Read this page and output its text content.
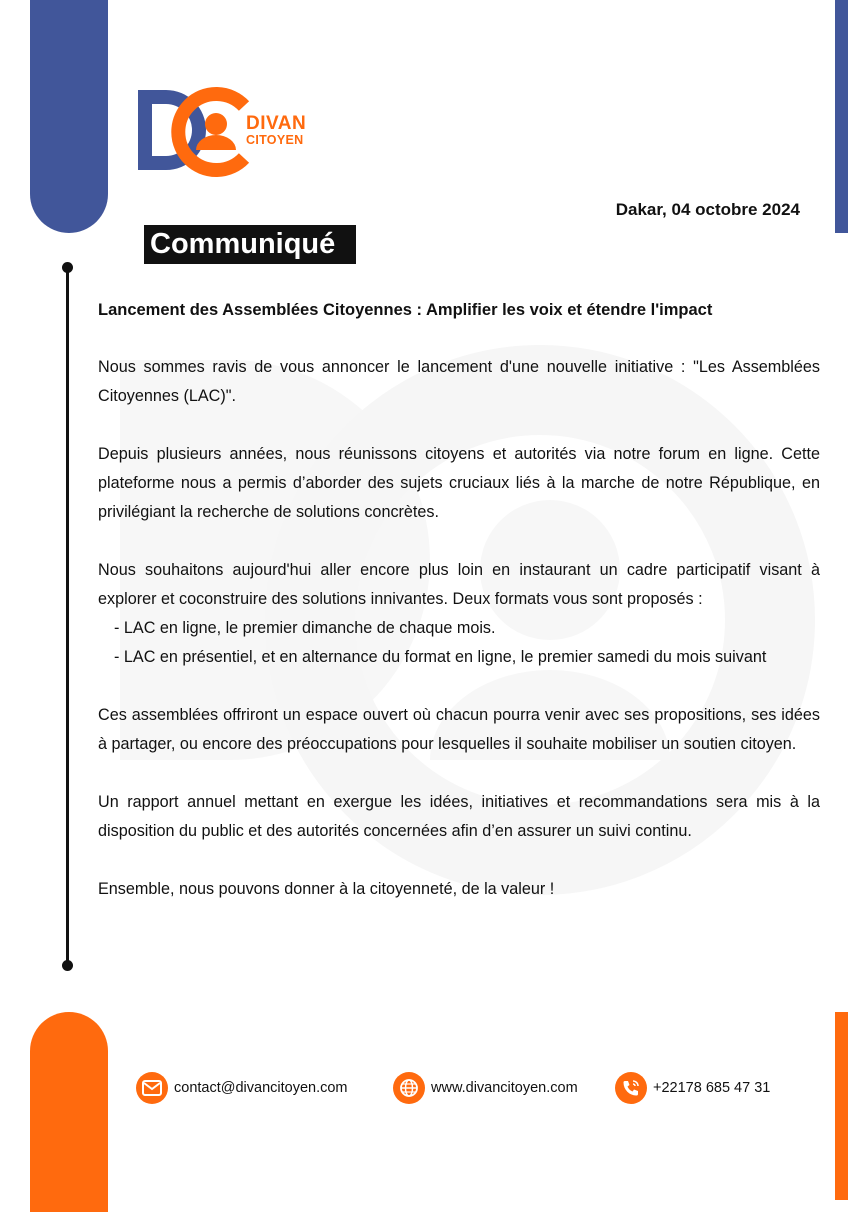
DIVAN
CITOYEN
Dakar, 04 octobre 2024
Communiqué

Lancement des Assemblées Citoyennes : Amplifier les voix et étendre l'impact

Nous sommes ravis de vous annoncer le lancement d'une nouvelle initiative : "Les Assemblées Citoyennes (LAC)".

Depuis plusieurs années, nous réunissons citoyens et autorités via notre forum en ligne. Cette plateforme nous a permis d’aborder des sujets cruciaux liés à la marche de notre République, en privilégiant la recherche de solutions concrètes.

Nous souhaitons aujourd'hui aller encore plus loin en instaurant un cadre participatif visant à explorer et coconstruire des solutions innivantes. Deux formats vous sont proposés :

- LAC en ligne, le premier dimanche de chaque mois.

- LAC en présentiel, et en alternance du format en ligne, le premier samedi du mois suivant

Ces assemblées offriront un espace ouvert où chacun pourra venir avec ses propositions, ses idées à partager, ou encore des préoccupations pour lesquelles il souhaite mobiliser un soutien citoyen.

Un rapport annuel mettant en exergue les idées, initiatives et recommandations sera mis à la disposition du public et des autorités concernées afin d’en assurer un suivi continu.

Ensemble, nous pouvons donner à la citoyenneté, de la valeur !

contact@divancitoyen.com	www.divancitoyen.com	+22178 685 47 31
